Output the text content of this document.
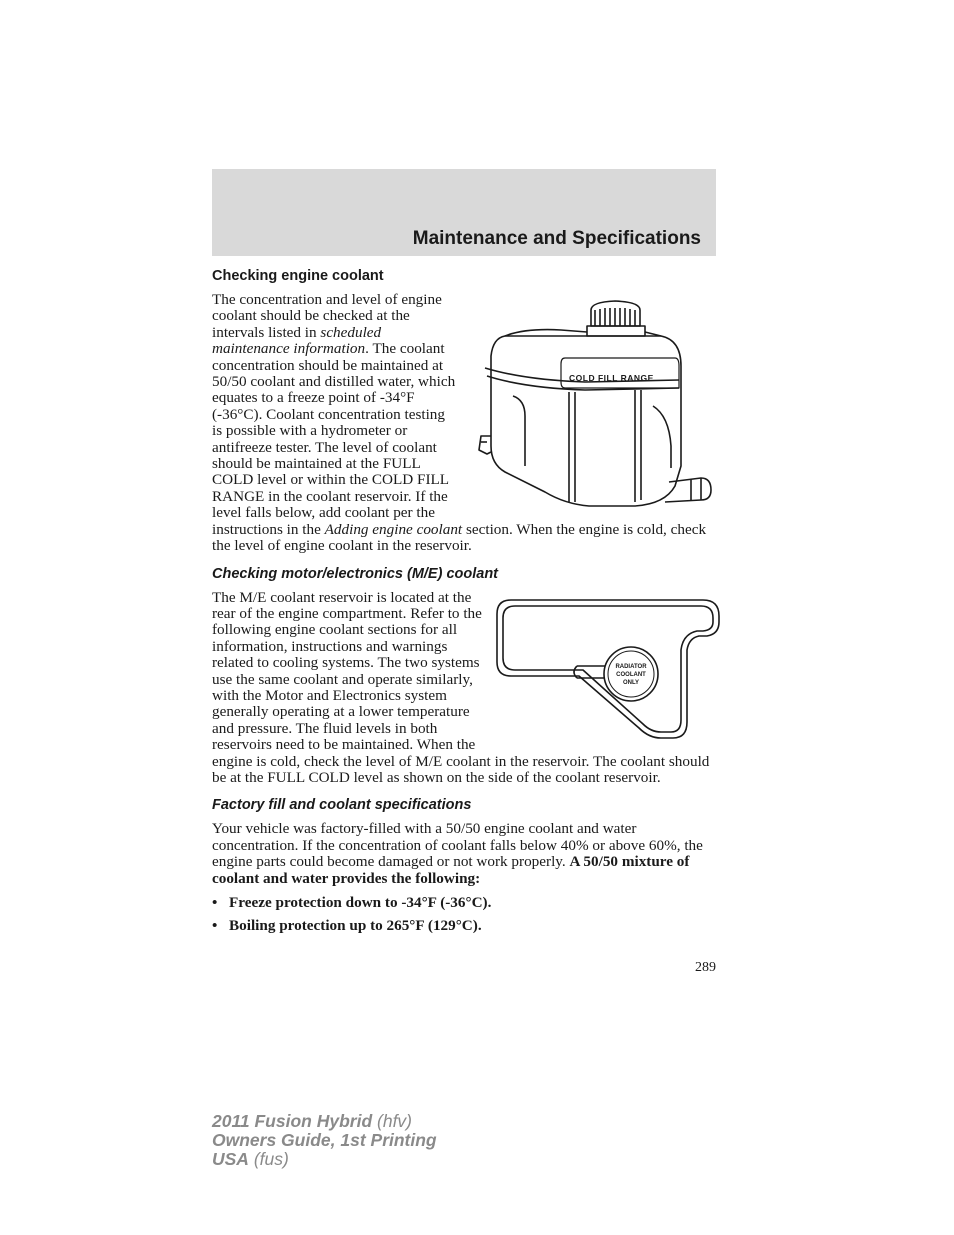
Maintenance and Specifications
Checking engine coolant
COLD FILL RANGE

The concentration and level of engine coolant should be checked at the intervals listed in scheduled maintenance information. The coolant concentration should be maintained at 50/50 coolant and distilled water, which equates to a freeze point of -34°F (-36°C). Coolant concentration testing is possible with a hydrometer or antifreeze tester. The level of coolant should be maintained at the FULL COLD level or within the COLD FILL RANGE in the coolant reservoir. If the level falls below, add coolant per the instructions in the Adding engine coolant section. When the engine is cold, check the level of engine coolant in the reservoir.

Checking motor/electronics (M/E) coolant
RADIATOR
COOLANT
ONLY

The M/E coolant reservoir is located at the rear of the engine compartment. Refer to the following engine coolant sections for all information, instructions and warnings related to cooling systems. The two systems use the same coolant and operate similarly, with the Motor and Electronics system generally operating at a lower temperature and pressure. The fluid levels in both reservoirs need to be maintained. When the engine is cold, check the level of M/E coolant in the reservoir. The coolant should be at the FULL COLD level as shown on the side of the coolant reservoir.

Factory fill and coolant specifications

Your vehicle was factory-filled with a 50/50 engine coolant and water concentration. If the concentration of coolant falls below 40% or above 60%, the engine parts could become damaged or not work properly. A 50/50 mixture of coolant and water provides the following:

• Freeze protection down to -34°F (-36°C).
• Boiling protection up to 265°F (129°C).
289
2011 Fusion Hybrid (hfv)
Owners Guide, 1st Printing
USA (fus)
